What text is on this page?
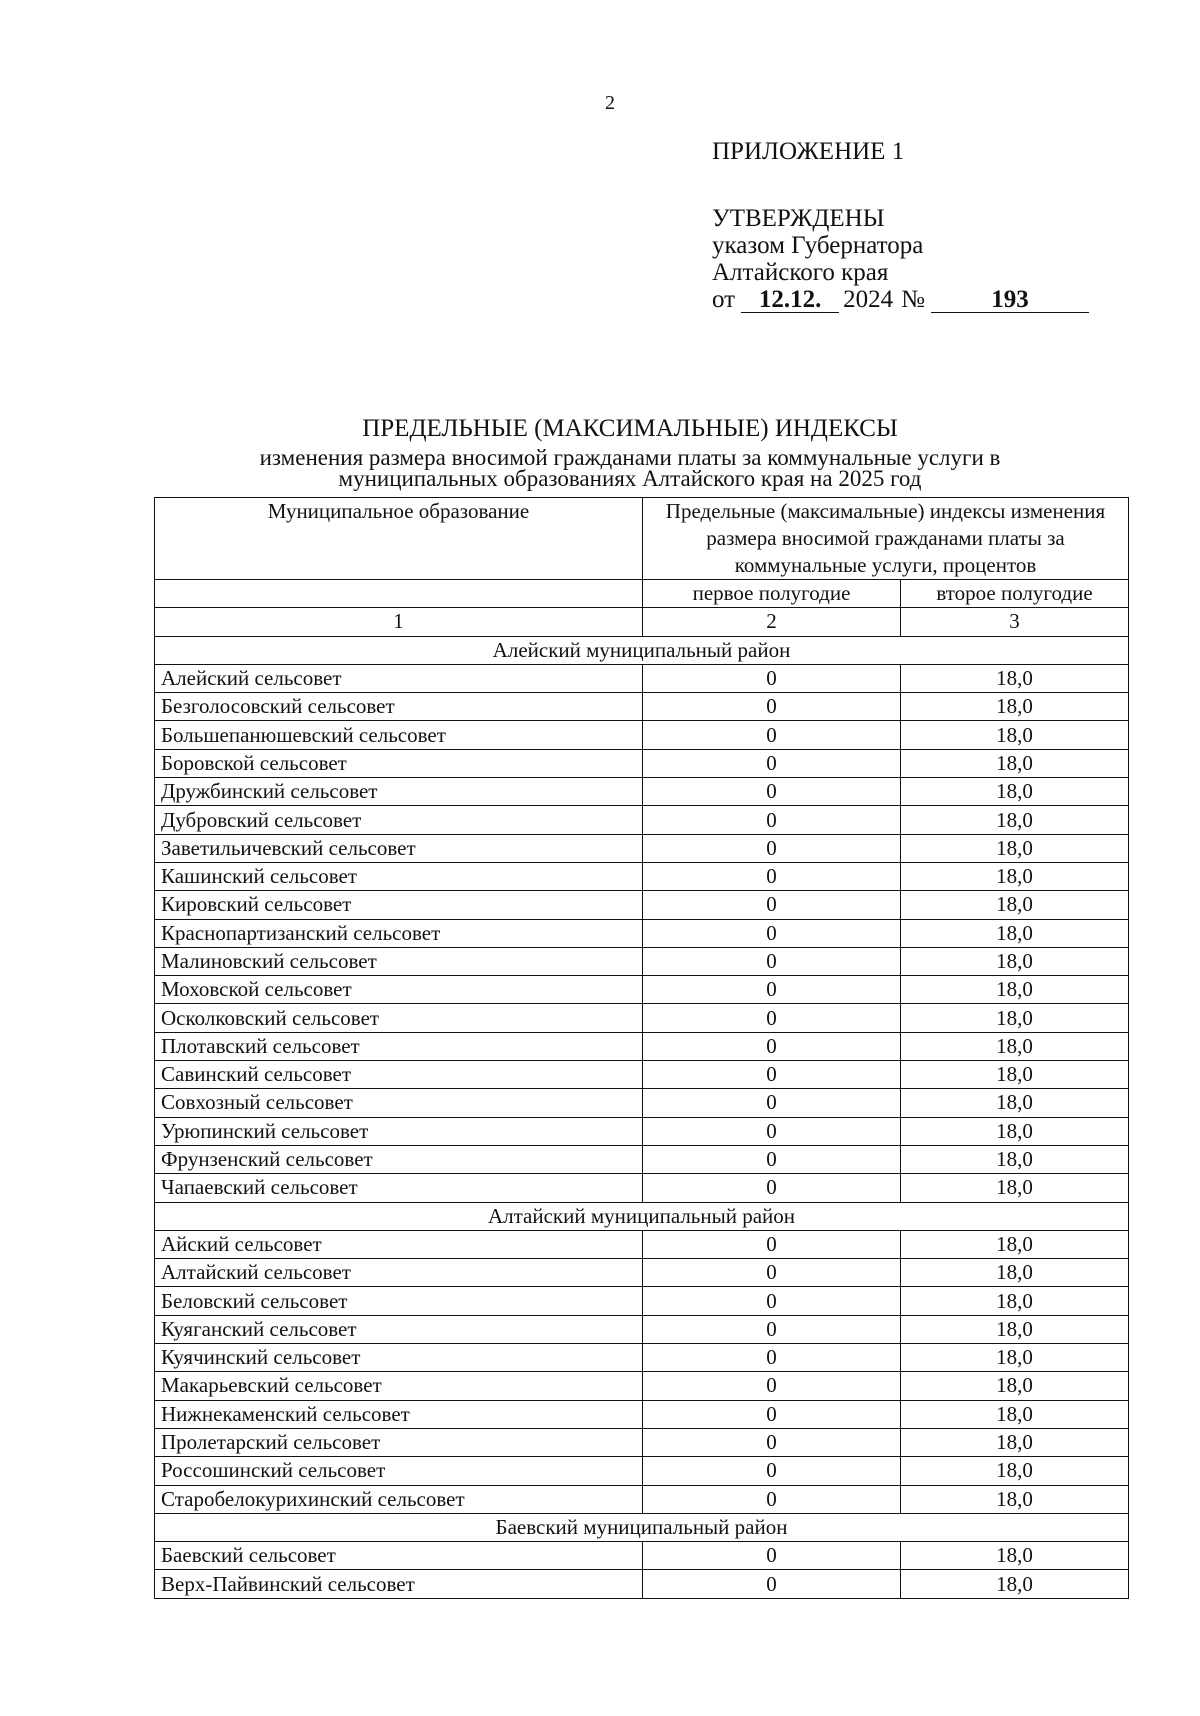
2
ПРИЛОЖЕНИЕ 1
УТВЕРЖДЕНЫ
указом Губернатора
Алтайского края
от 12.12. 2024 №	193
ПРЕДЕЛЬНЫЕ (МАКСИМАЛЬНЫЕ) ИНДЕКСЫ
изменения размера вносимой гражданами платы за коммунальные услуги в
муниципальных образованиях Алтайского края на 2025 год
Муниципальное образование	Предельные (максимальные) индексы изменения размера вносимой гражданами платы за коммунальные услуги, процентов	
	первое полугодие	второе полугодие
1	2	3
Алейский муниципальный район		
Алейский сельсовет	0	18,0
Безголосовский сельсовет	0	18,0
Большепанюшевский сельсовет	0	18,0
Боровской сельсовет	0	18,0
Дружбинский сельсовет	0	18,0
Дубровский сельсовет	0	18,0
Заветильичевский сельсовет	0	18,0
Кашинский сельсовет	0	18,0
Кировский сельсовет	0	18,0
Краснопартизанский сельсовет	0	18,0
Малиновский сельсовет	0	18,0
Моховской сельсовет	0	18,0
Осколковский сельсовет	0	18,0
Плотавский сельсовет	0	18,0
Савинский сельсовет	0	18,0
Совхозный сельсовет	0	18,0
Урюпинский сельсовет	0	18,0
Фрунзенский сельсовет	0	18,0
Чапаевский сельсовет	0	18,0
Алтайский муниципальный район		
Айский сельсовет	0	18,0
Алтайский сельсовет	0	18,0
Беловский сельсовет	0	18,0
Куяганский сельсовет	0	18,0
Куячинский сельсовет	0	18,0
Макарьевский сельсовет	0	18,0
Нижнекаменский сельсовет	0	18,0
Пролетарский сельсовет	0	18,0
Россошинский сельсовет	0	18,0
Старобелокурихинский сельсовет	0	18,0
Баевский муниципальный район		
Баевский сельсовет	0	18,0
Верх-Пайвинский сельсовет	0	18,0
